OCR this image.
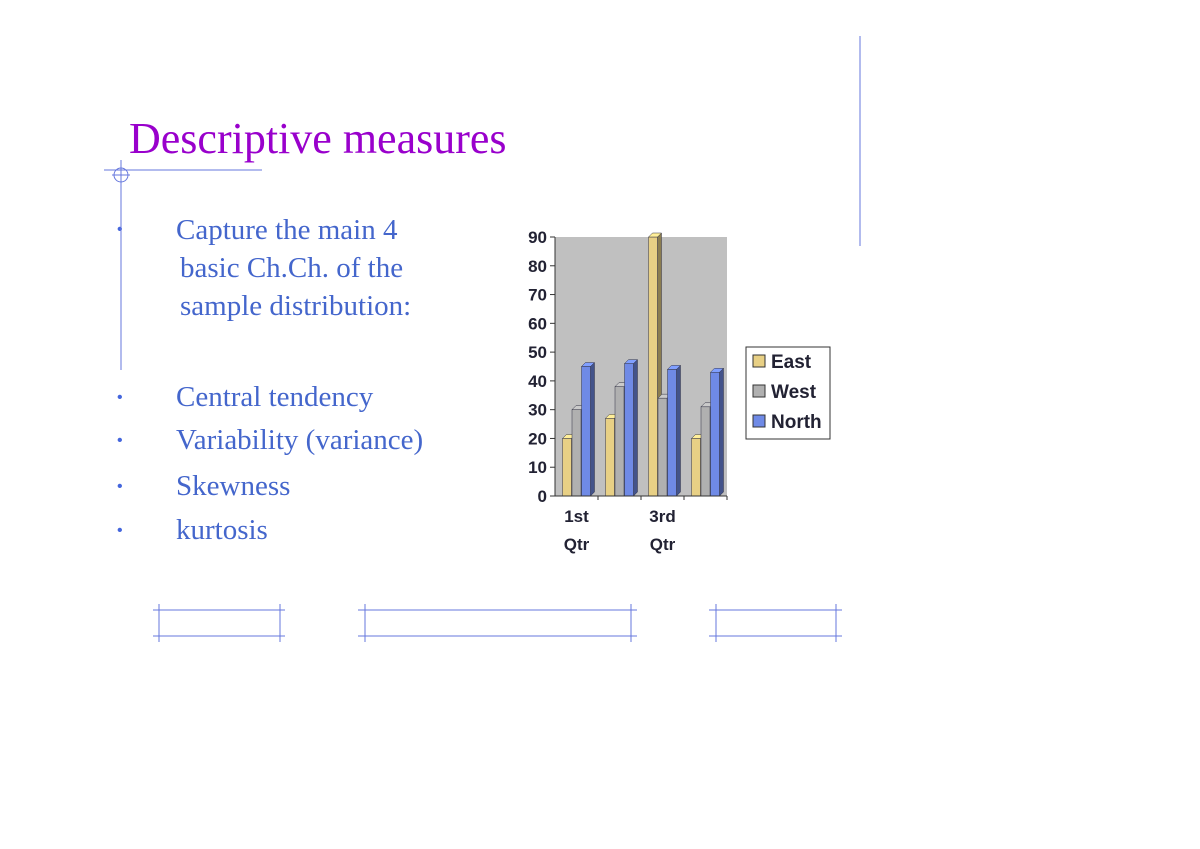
Descriptive measures
• Capture the main 4
basic Ch.Ch. of the
sample distribution:
• Central tendency
• Variability (variance)
• Skewness
• kurtosis
0
10
20
30
40
50
60
70
80
90
1st
Qtr
3rd
Qtr
East
West
North
